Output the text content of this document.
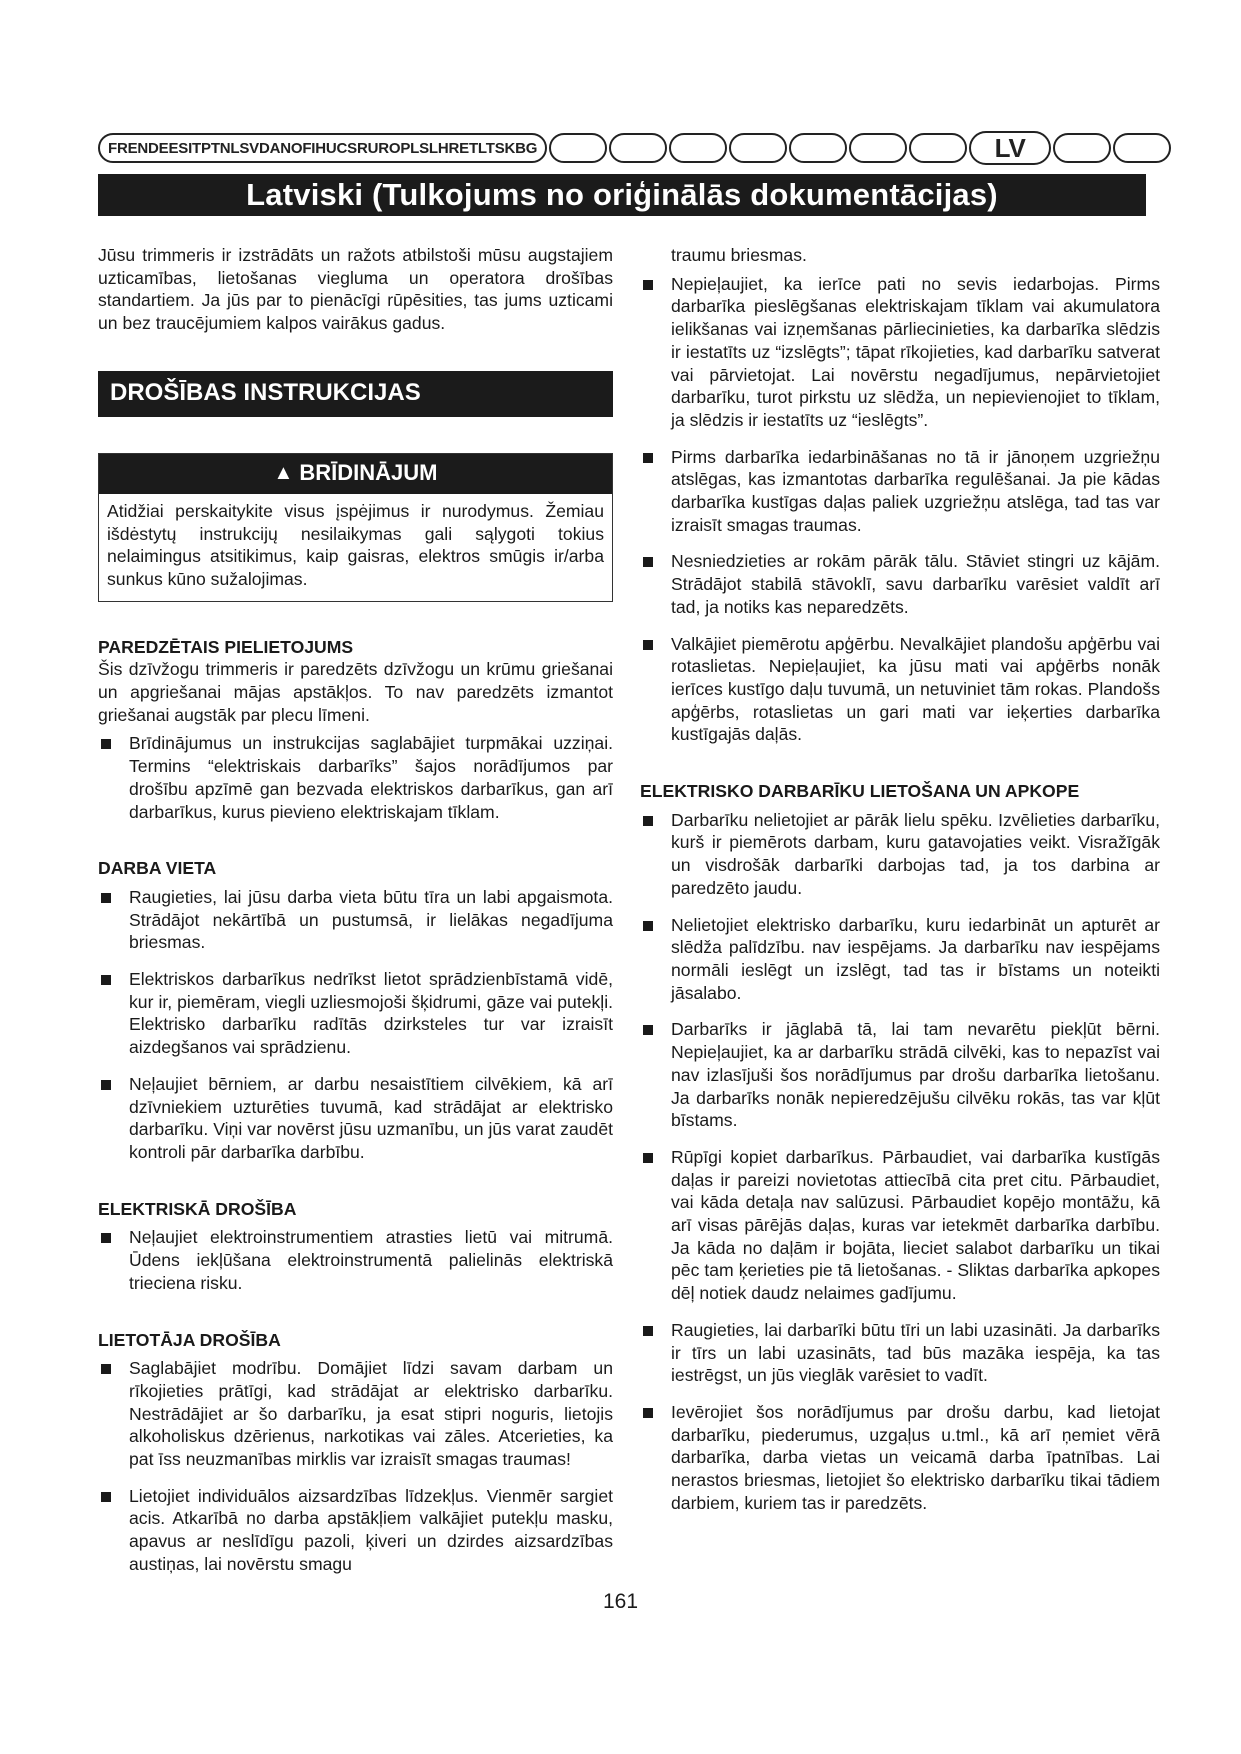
FRENDEESITPTNLSVDANOFIHUCSRUROPLSLHRETLTSKBG	LV
Latviski (Tulkojums no oriģinālās dokumentācijas)

Jūsu trimmeris ir izstrādāts un ražots atbilstoši mūsu augstajiem uzticamības, lietošanas viegluma un operatora drošības standartiem. Ja jūs par to pienācīgi rūpēsities, tas jums uzticami un bez traucējumiem kalpos vairākus gadus.

DROŠĪBAS INSTRUKCIJAS
▲ BRĪDINĀJUM
Atidžiai perskaitykite visus įspėjimus ir nurodymus. Žemiau išdėstytų instrukcijų nesilaikymas gali sąlygoti tokius nelaimingus atsitikimus, kaip gaisras, elektros smūgis ir/arba sunkus kūno sužalojimas.
PAREDZĒTAIS PIELIETOJUMS

Šis dzīvžogu trimmeris ir paredzēts dzīvžogu un krūmu griešanai un apgriešanai mājas apstākļos. To nav paredzēts izmantot griešanai augstāk par plecu līmeni.

Brīdinājumus un instrukcijas saglabājiet turpmākai uzziņai. Termins “elektriskais darbarīks” šajos norādījumos par drošību apzīmē gan bezvada elektriskos darbarīkus, gan arī darbarīkus, kurus pievieno elektriskajam tīklam.
DARBA VIETA
Raugieties, lai jūsu darba vieta būtu tīra un labi apgaismota. Strādājot nekārtībā un pustumsā, ir lielākas negadījuma briesmas.
Elektriskos darbarīkus nedrīkst lietot sprādzienbīstamā vidē, kur ir, piemēram, viegli uzliesmojoši šķidrumi, gāze vai putekļi. Elektrisko darbarīku radītās dzirksteles tur var izraisīt aizdegšanos vai sprādzienu.
Neļaujiet bērniem, ar darbu nesaistītiem cilvēkiem, kā arī dzīvniekiem uzturēties tuvumā, kad strādājat ar elektrisko darbarīku. Viņi var novērst jūsu uzmanību, un jūs varat zaudēt kontroli pār darbarīka darbību.
ELEKTRISKĀ DROŠĪBA
Neļaujiet elektroinstrumentiem atrasties lietū vai mitrumā. Ūdens iekļūšana elektroinstrumentā palielinās elektriskā trieciena risku.
LIETOTĀJA DROŠĪBA
Saglabājiet modrību. Domājiet līdzi savam darbam un rīkojieties prātīgi, kad strādājat ar elektrisko darbarīku. Nestrādājiet ar šo darbarīku, ja esat stipri noguris, lietojis alkoholiskus dzērienus, narkotikas vai zāles. Atcerieties, ka pat īss neuzmanības mirklis var izraisīt smagas traumas!
Lietojiet individuālos aizsardzības līdzekļus. Vienmēr sargiet acis. Atkarībā no darba apstākļiem valkājiet putekļu masku, apavus ar neslīdīgu pazoli, ķiveri un dzirdes aizsardzības austiņas, lai novērstu smagu

traumu briesmas.

Nepieļaujiet, ka ierīce pati no sevis iedarbojas. Pirms darbarīka pieslēgšanas elektriskajam tīklam vai akumulatora ielikšanas vai izņemšanas pārliecinieties, ka darbarīka slēdzis ir iestatīts uz “izslēgts”; tāpat rīkojieties, kad darbarīku satverat vai pārvietojat. Lai novērstu negadījumus, nepārvietojiet darbarīku, turot pirkstu uz slēdža, un nepievienojiet to tīklam, ja slēdzis ir iestatīts uz “ieslēgts”.
Pirms darbarīka iedarbināšanas no tā ir jānoņem uzgriežņu atslēgas, kas izmantotas darbarīka regulēšanai. Ja pie kādas darbarīka kustīgas daļas paliek uzgriežņu atslēga, tad tas var izraisīt smagas traumas.
Nesniedzieties ar rokām pārāk tālu. Stāviet stingri uz kājām. Strādājot stabilā stāvoklī, savu darbarīku varēsiet valdīt arī tad, ja notiks kas neparedzēts.
Valkājiet piemērotu apģērbu. Nevalkājiet plandošu apģērbu vai rotaslietas. Nepieļaujiet, ka jūsu mati vai apģērbs nonāk ierīces kustīgo daļu tuvumā, un netuviniet tām rokas. Plandošs apģērbs, rotaslietas un gari mati var ieķerties darbarīka kustīgajās daļās.
ELEKTRISKO DARBARĪKU LIETOŠANA UN APKOPE
Darbarīku nelietojiet ar pārāk lielu spēku. Izvēlieties darbarīku, kurš ir piemērots darbam, kuru gatavojaties veikt. Visražīgāk un visdrošāk darbarīki darbojas tad, ja tos darbina ar paredzēto jaudu.
Nelietojiet elektrisko darbarīku, kuru iedarbināt un apturēt ar slēdža palīdzību. nav iespējams. Ja darbarīku nav iespējams normāli ieslēgt un izslēgt, tad tas ir bīstams un noteikti jāsalabo.
Darbarīks ir jāglabā tā, lai tam nevarētu piekļūt bērni. Nepieļaujiet, ka ar darbarīku strādā cilvēki, kas to nepazīst vai nav izlasījuši šos norādījumus par drošu darbarīka lietošanu. Ja darbarīks nonāk nepieredzējušu cilvēku rokās, tas var kļūt bīstams.
Rūpīgi kopiet darbarīkus. Pārbaudiet, vai darbarīka kustīgās daļas ir pareizi novietotas attiecībā cita pret citu. Pārbaudiet, vai kāda detaļa nav salūzusi. Pārbaudiet kopējo montāžu, kā arī visas pārējās daļas, kuras var ietekmēt darbarīka darbību. Ja kāda no daļām ir bojāta, lieciet salabot darbarīku un tikai pēc tam ķerieties pie tā lietošanas. - Sliktas darbarīka apkopes dēļ notiek daudz nelaimes gadījumu.
Raugieties, lai darbarīki būtu tīri un labi uzasināti. Ja darbarīks ir tīrs un labi uzasināts, tad būs mazāka iespēja, ka tas iestrēgst, un jūs vieglāk varēsiet to vadīt.
Ievērojiet šos norādījumus par drošu darbu, kad lietojat darbarīku, piederumus, uzgaļus u.tml., kā arī ņemiet vērā darbarīka, darba vietas un veicamā darba īpatnības. Lai nerastos briesmas, lietojiet šo elektrisko darbarīku tikai tādiem darbiem, kuriem tas ir paredzēts.
161
